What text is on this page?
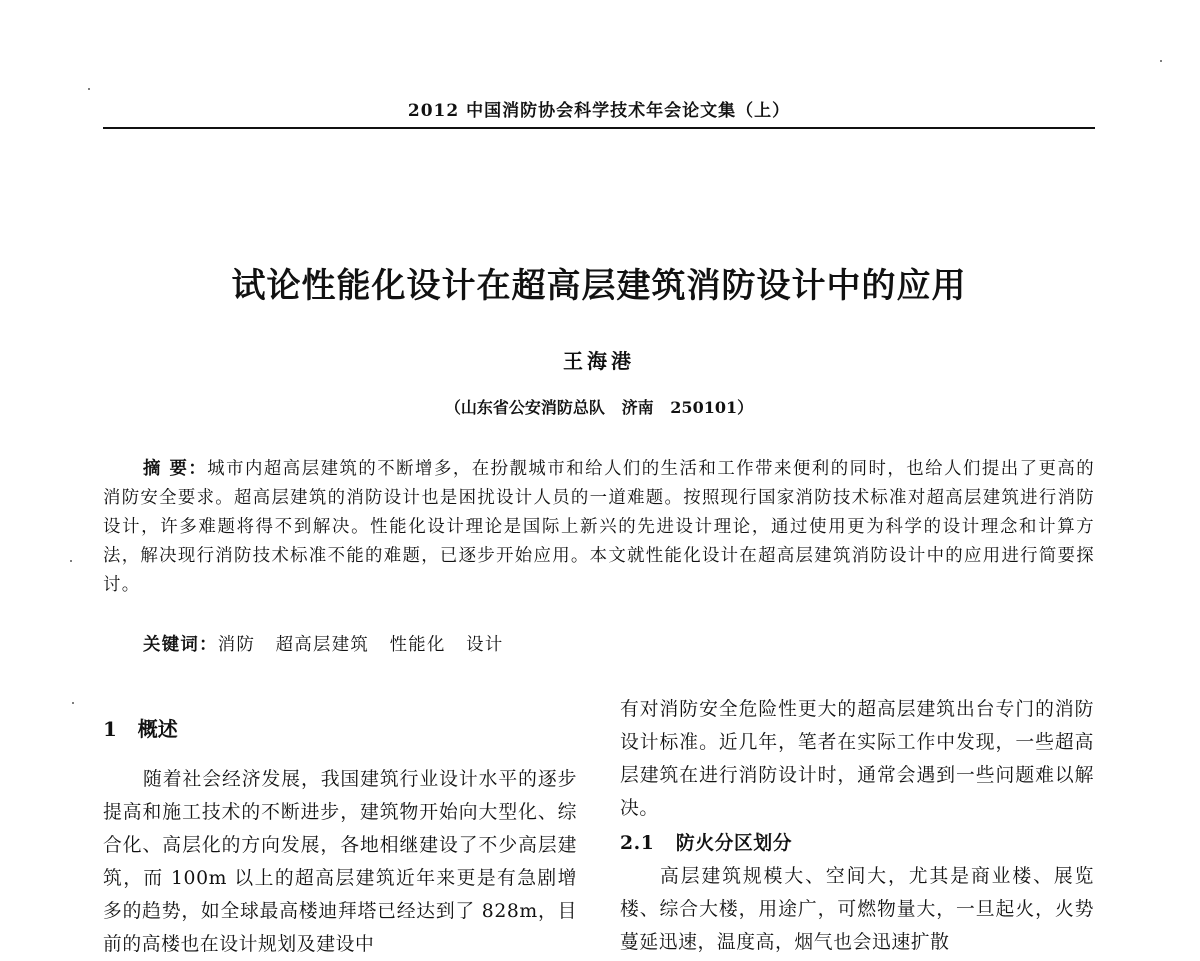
2012 中国消防协会科学技术年会论文集（上）
试论性能化设计在超高层建筑消防设计中的应用
王海港
（山东省公安消防总队   济南   250101）
摘 要：城市内超高层建筑的不断增多，在扮靓城市和给人们的生活和工作带来便利的同时，也给人们提出了更高的消防安全要求。超高层建筑的消防设计也是困扰设计人员的一道难题。按照现行国家消防技术标准对超高层建筑进行消防设计，许多难题将得不到解决。性能化设计理论是国际上新兴的先进设计理论，通过使用更为科学的设计理念和计算方法，解决现行消防技术标准不能的难题，已逐步开始应用。本文就性能化设计在超高层建筑消防设计中的应用进行简要探讨。
关键词：消防   超高层建筑   性能化   设计
1   概述
随着社会经济发展，我国建筑行业设计水平的逐步提高和施工技术的不断进步，建筑物开始向大型化、综合化、高层化的方向发展，各地相继建设了不少高层建筑，而 100m 以上的超高层建筑近年来更是有急剧增多的趋势，如全球最高楼迪拜塔已经达到了 828m，目前的高楼也在设计规划及建设中
有对消防安全危险性更大的超高层建筑出台专门的消防设计标准。近几年，笔者在实际工作中发现，一些超高层建筑在进行消防设计时，通常会遇到一些问题难以解决。
2.1   防火分区划分
高层建筑规模大、空间大，尤其是商业楼、展览楼、综合大楼，用途广，可燃物量大，一旦起火，火势蔓延迅速，温度高，烟气也会迅速扩散
